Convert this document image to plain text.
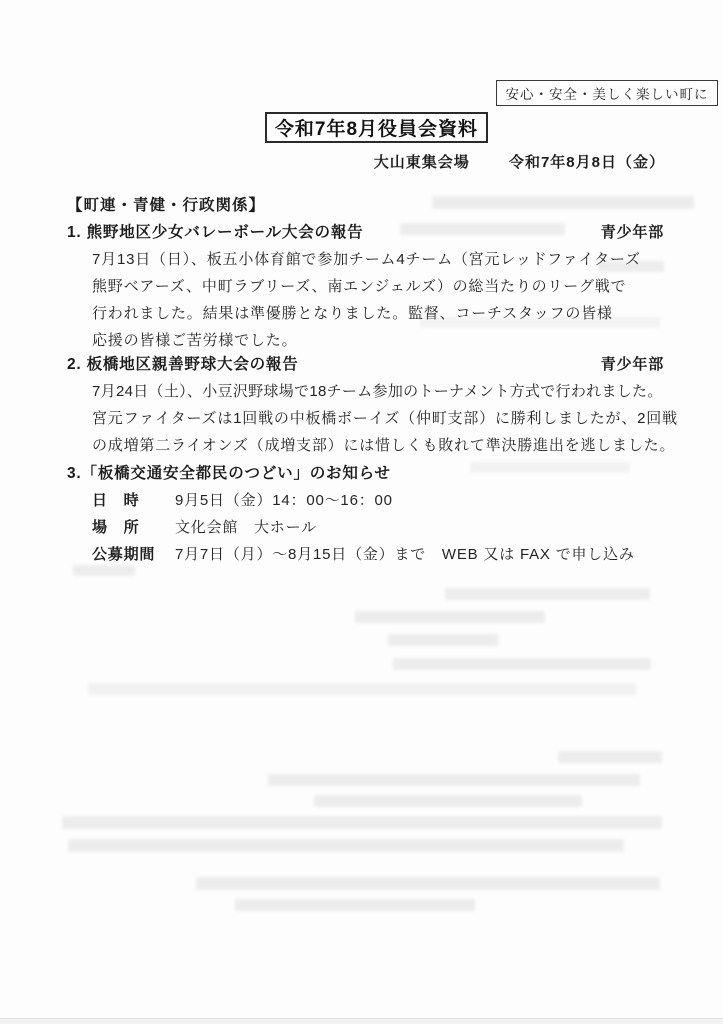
安心・安全・美しく楽しい町に
令和7年8月役員会資料
大山東集会場	令和7年8月8日（金）
【町連・青健・行政関係】
1. 熊野地区少女バレーボール大会の報告	青少年部
7月13日（日）、板五小体育館で参加チーム4チーム（宮元レッドファイターズ
熊野ベアーズ、中町ラブリーズ、南エンジェルズ）の総当たりのリーグ戦で
行われました。結果は準優勝となりました。監督、コーチスタッフの皆様
応援の皆様ご苦労様でした。
2. 板橋地区親善野球大会の報告	青少年部
7月24日（土）、小豆沢野球場で18チーム参加のトーナメント方式で行われました。
宮元ファイターズは1回戦の中板橋ボーイズ（仲町支部）に勝利しましたが、2回戦
の成増第二ライオンズ（成増支部）には惜しくも敗れて準決勝進出を逃しました。
3.「板橋交通安全都民のつどい」のお知らせ
日　時 9月5日（金）14：00～16：00
場　所 文化会館　大ホール
公募期間 7月7日（月）～8月15日（金）まで　WEB 又は FAX で申し込み
